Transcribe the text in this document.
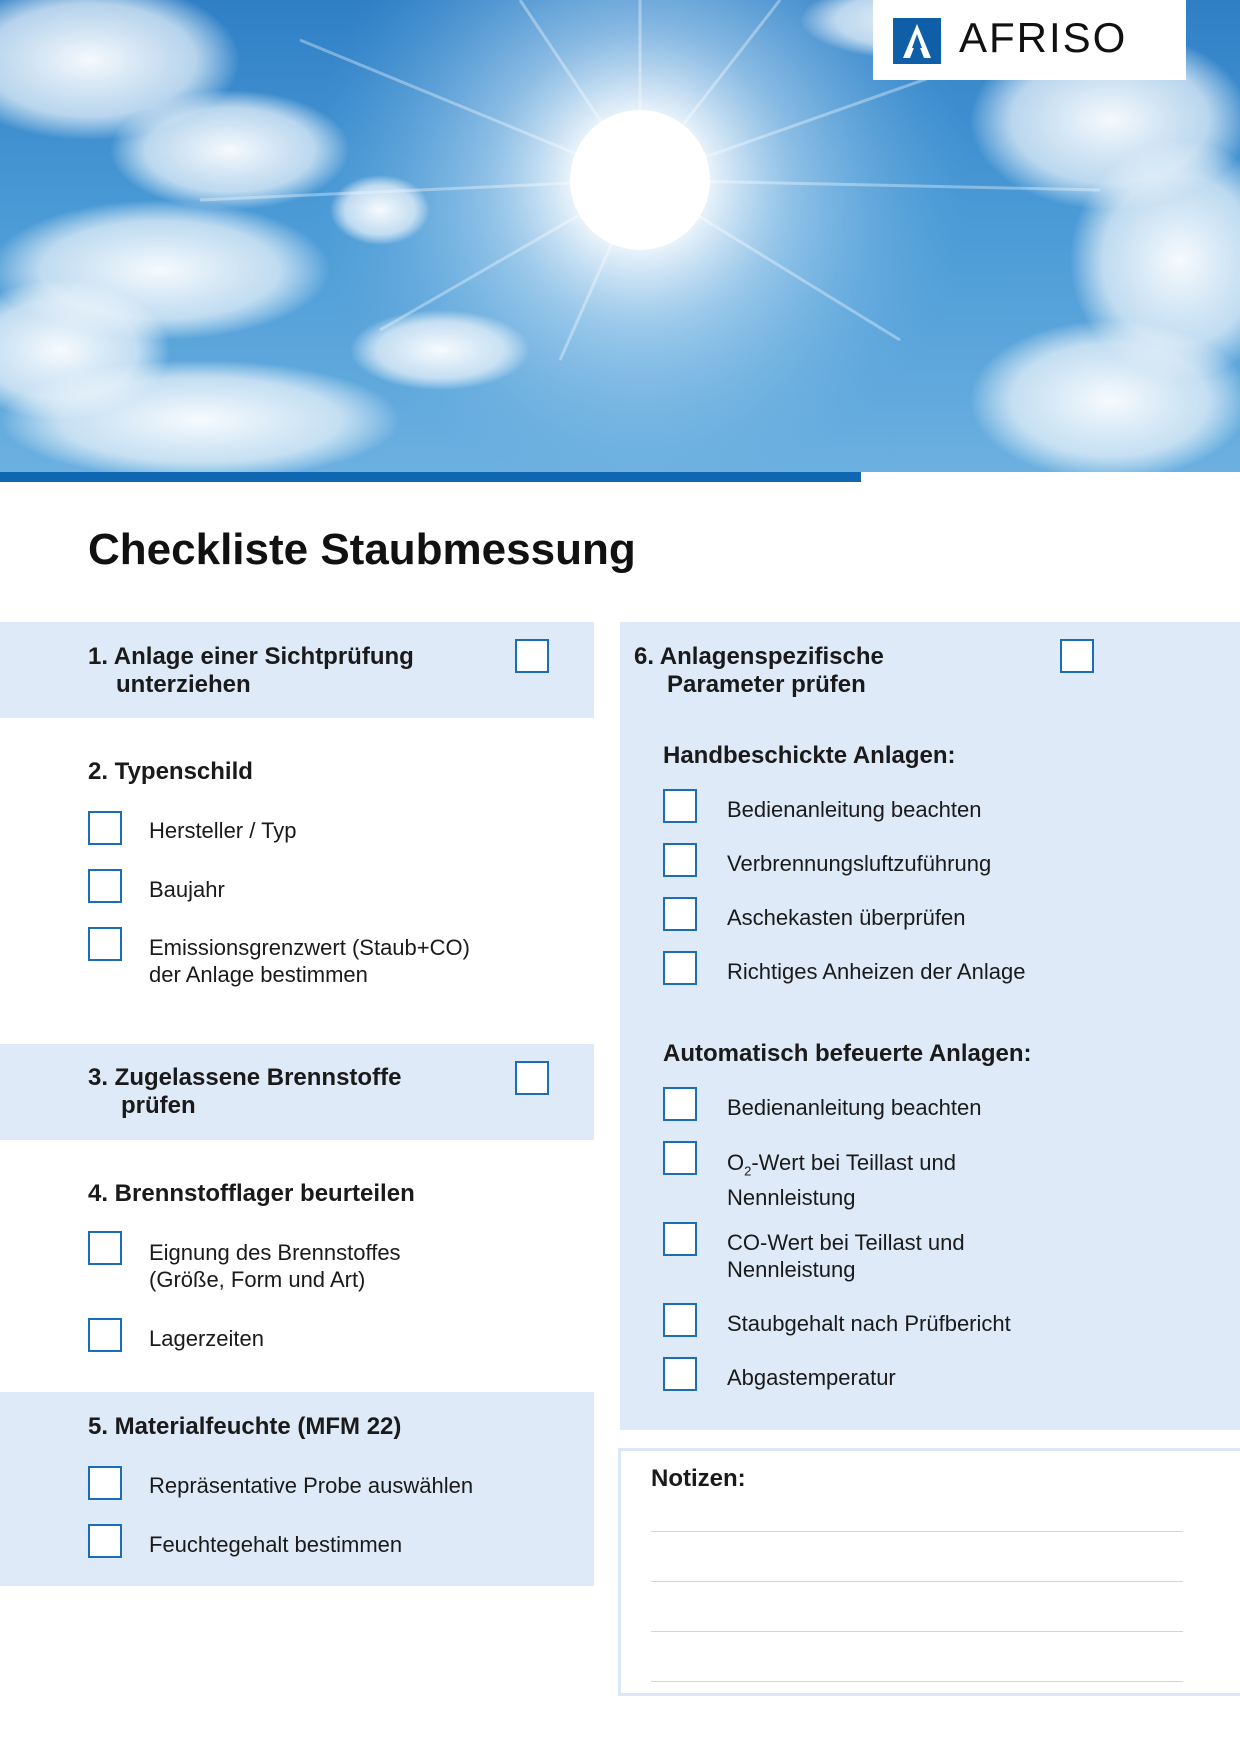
AFRISO
Checkliste Staubmessung
1. Anlage einer Sichtprüfung
unterziehen
2. Typenschild
Hersteller / Typ
Baujahr
Emissionsgrenzwert (Staub+CO)
der Anlage bestimmen
3. Zugelassene Brennstoffe
prüfen
4. Brennstofflager beurteilen
Eignung des Brennstoffes
(Größe, Form und Art)
Lagerzeiten
5. Materialfeuchte (MFM 22)
Repräsentative Probe auswählen
Feuchtegehalt bestimmen
6. Anlagenspezifische
Parameter prüfen
Handbeschickte Anlagen:
Bedienanleitung beachten
Verbrennungsluftzuführung
Aschekasten überprüfen
Richtiges Anheizen der Anlage
Automatisch befeuerte Anlagen:
Bedienanleitung beachten
$O_2$-Wert bei Teillast und
Nennleistung
CO-Wert bei Teillast und
Nennleistung
Staubgehalt nach Prüfbericht
Abgastemperatur
Notizen:
